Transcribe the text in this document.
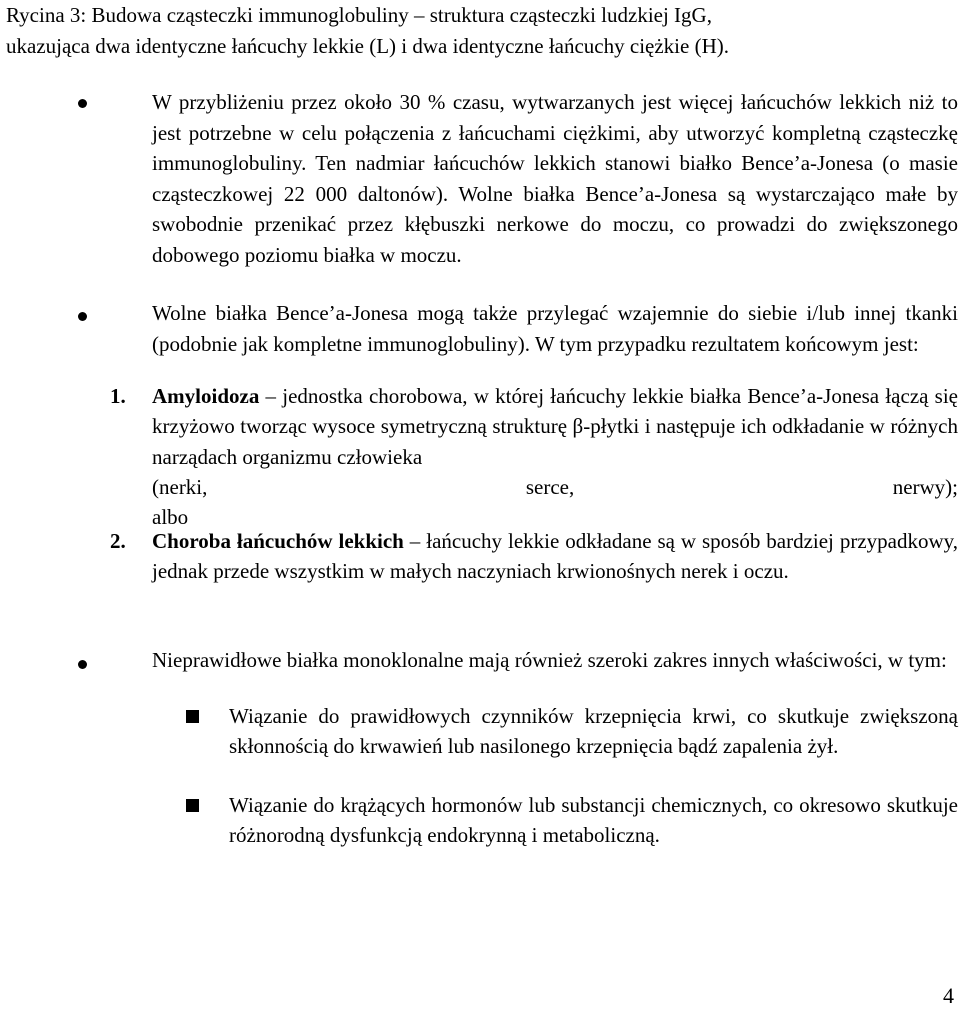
Rycina 3: Budowa cząsteczki immunoglobuliny – struktura cząsteczki ludzkiej IgG,
ukazująca dwa identyczne łańcuchy lekkie (L) i dwa identyczne łańcuchy ciężkie (H).
W przybliżeniu przez około 30 % czasu, wytwarzanych jest więcej łańcuchów lekkich niż to jest potrzebne w celu połączenia z łańcuchami ciężkimi, aby utworzyć kompletną cząsteczkę immunoglobuliny. Ten nadmiar łańcuchów lekkich stanowi białko Bence’a-Jonesa (o masie cząsteczkowej 22 000 daltonów). Wolne białka Bence’a-Jonesa są wystarczająco małe by swobodnie przenikać przez kłębuszki nerkowe do moczu, co prowadzi do zwiększonego dobowego poziomu białka w moczu.
Wolne białka Bence’a-Jonesa mogą także przylegać wzajemnie do siebie i/lub innej tkanki (podobnie jak kompletne immunoglobuliny). W tym przypadku rezultatem końcowym jest:
1. Amyloidoza – jednostka chorobowa, w której łańcuchy lekkie białka Bence’a-Jonesa łączą się krzyżowo tworząc wysoce symetryczną strukturę β-płytki i następuje ich odkładanie w różnych narządach organizmu człowieka
(nerki, serce, nerwy);
albo
2. Choroba łańcuchów lekkich – łańcuchy lekkie odkładane są w sposób bardziej przypadkowy, jednak przede wszystkim w małych naczyniach krwionośnych nerek i oczu.
Nieprawidłowe białka monoklonalne mają również szeroki zakres innych właściwości, w tym:
Wiązanie do prawidłowych czynników krzepnięcia krwi, co skutkuje zwiększoną skłonnością do krwawień lub nasilonego krzepnięcia bądź zapalenia żył.
Wiązanie do krążących hormonów lub substancji chemicznych, co okresowo skutkuje różnorodną dysfunkcją endokrynną i metaboliczną.
4
